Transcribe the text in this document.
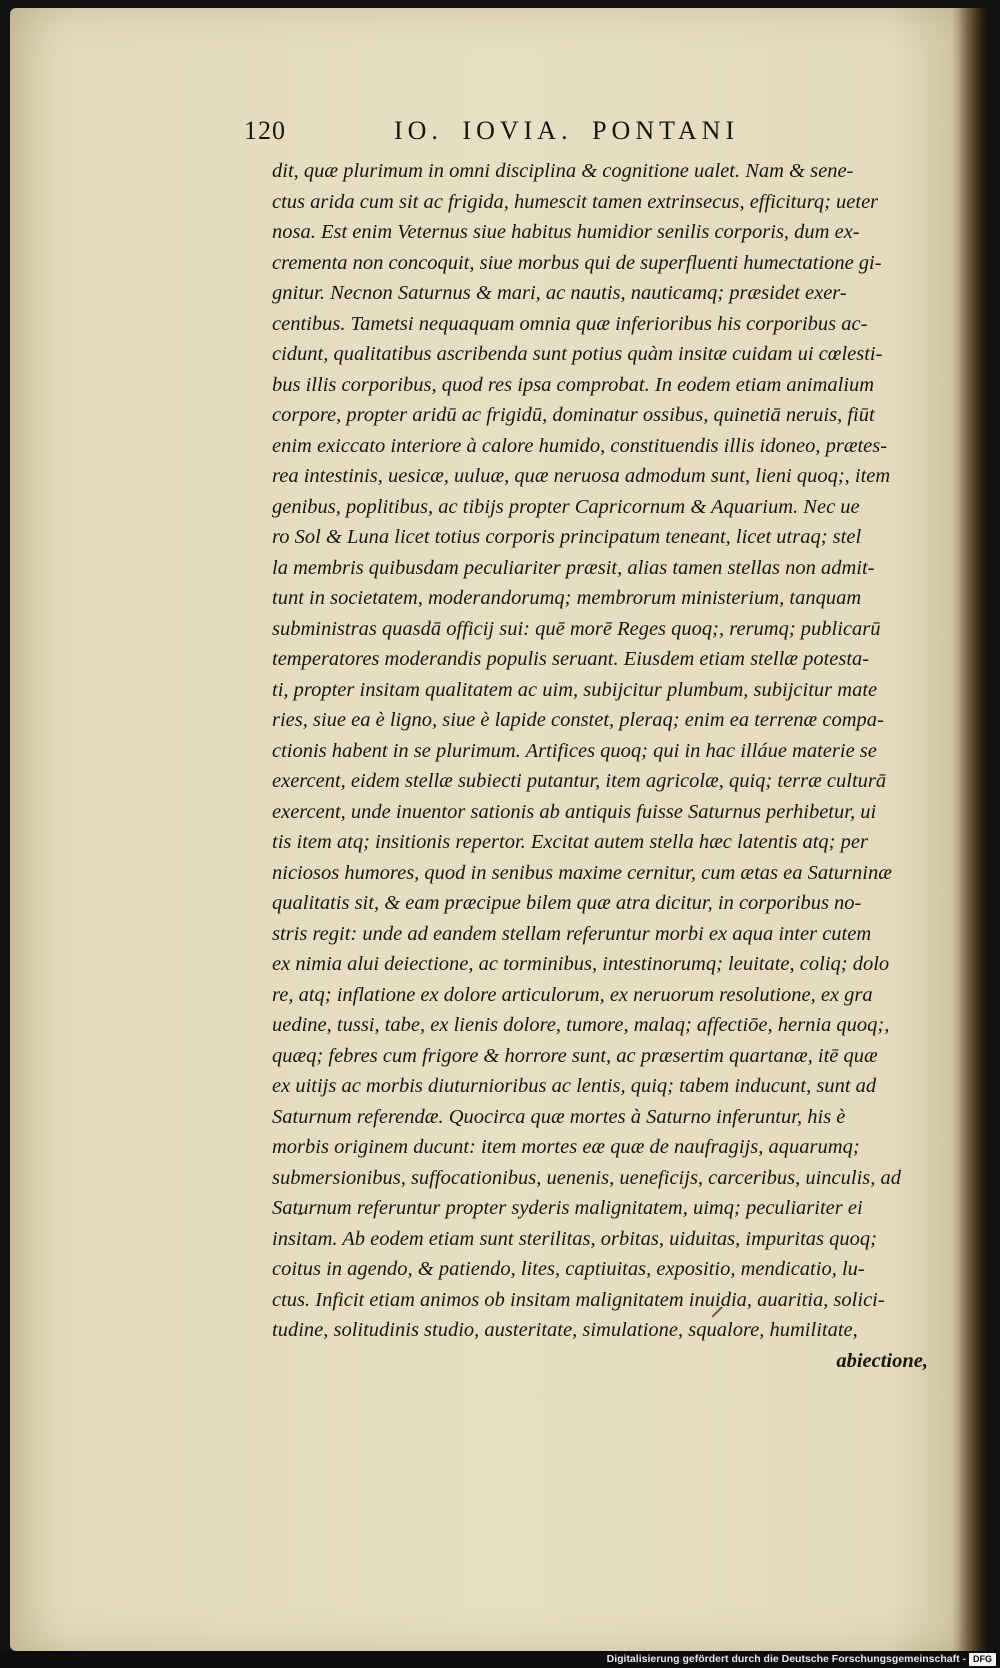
120	IO. IOVIA. PONTANI
dit, quæ plurimum in omni disciplina & cognitione ualet. Nam & sene-
ctus arida cum sit ac frigida, humescit tamen extrinsecus, efficiturq; ueter
nosa. Est enim Veternus siue habitus humidior senilis corporis, dum ex-
crementa non concoquit, siue morbus qui de superfluenti humectatione gi-
gnitur. Necnon Saturnus & mari, ac nautis, nauticamq; præsidet exer-
centibus. Tametsi nequaquam omnia quæ inferioribus his corporibus ac-
cidunt, qualitatibus ascribenda sunt potius quàm insitæ cuidam ui cœlesti-
bus illis corporibus, quod res ipsa comprobat. In eodem etiam animalium
corpore, propter aridū ac frigidū, dominatur ossibus, quinetiā neruis, fiūt
enim exiccato interiore à calore humido, constituendis illis idoneo, prætes-
rea intestinis, uesicæ, uuluæ, quæ neruosa admodum sunt, lieni quoq;, item
genibus, poplitibus, ac tibijs propter Capricornum & Aquarium. Nec ue
ro Sol & Luna licet totius corporis principatum teneant, licet utraq; stel
la membris quibusdam peculiariter præsit, alias tamen stellas non admit-
tunt in societatem, moderandorumq; membrorum ministerium, tanquam
subministras quasdā officij sui: quē morē Reges quoq;, rerumq; publicarū
temperatores moderandis populis seruant. Eiusdem etiam stellæ potesta-
ti, propter insitam qualitatem ac uim, subijcitur plumbum, subijcitur mate
ries, siue ea è ligno, siue è lapide constet, pleraq; enim ea terrenæ compa-
ctionis habent in se plurimum. Artifices quoq; qui in hac illáue materie se
exercent, eidem stellæ subiecti putantur, item agricolæ, quiq; terræ culturā
exercent, unde inuentor sationis ab antiquis fuisse Saturnus perhibetur, ui
tis item atq; insitionis repertor. Excitat autem stella hæc latentis atq; per
niciosos humores, quod in senibus maxime cernitur, cum ætas ea Saturninæ
qualitatis sit, & eam præcipue bilem quæ atra dicitur, in corporibus no-
stris regit: unde ad eandem stellam referuntur morbi ex aqua inter cutem
ex nimia alui deiectione, ac torminibus, intestinorumq; leuitate, coliq; dolo
re, atq; inflatione ex dolore articulorum, ex neruorum resolutione, ex gra
uedine, tussi, tabe, ex lienis dolore, tumore, malaq; affectiōe, hernia quoq;,
quæq; febres cum frigore & horrore sunt, ac præsertim quartanæ, itē quæ
ex uitijs ac morbis diuturnioribus ac lentis, quiq; tabem inducunt, sunt ad
Saturnum referendæ. Quocirca quæ mortes à Saturno inferuntur, his è
morbis originem ducunt: item mortes eæ quæ de naufragijs, aquarumq;
submersionibus, suffocationibus, uenenis, ueneficijs, carceribus, uinculis, ad
Saturnum referuntur propter syderis malignitatem, uimq; peculiariter ei
insitam. Ab eodem etiam sunt sterilitas, orbitas, uiduitas, impuritas quoq;
coitus in agendo, & patiendo, lites, captiuitas, expositio, mendicatio, lu-
ctus. Inficit etiam animos ob insitam malignitatem inuidia, auaritia, solici-
tudine, solitudinis studio, austeritate, simulatione, squalore, humilitate,
abiectione,
Digitalisierung gefördert durch die Deutsche Forschungsgemeinschaft - DFG
